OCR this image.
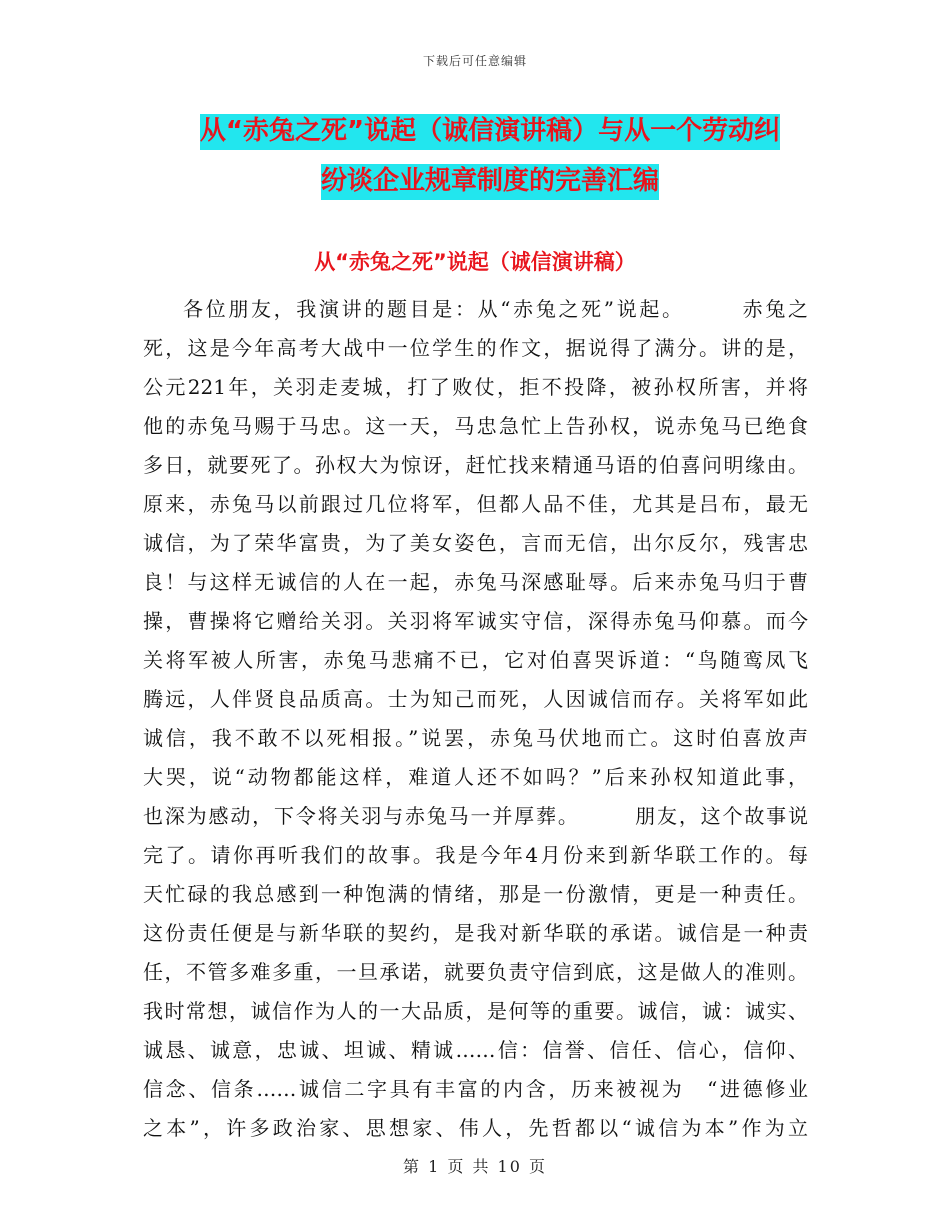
下载后可任意编辑
从“赤兔之死”说起（诚信演讲稿）与从一个劳动纠
纷谈企业规章制度的完善汇编
从“赤兔之死”说起（诚信演讲稿）
各位朋友，我演讲的题目是：从“赤兔之死”说起。　　　赤兔之
死，这是今年高考大战中一位学生的作文，据说得了满分。讲的是，
公元221年，关羽走麦城，打了败仗，拒不投降，被孙权所害，并将
他的赤兔马赐于马忠。这一天，马忠急忙上告孙权，说赤兔马已绝食
多日，就要死了。孙权大为惊讶，赶忙找来精通马语的伯喜问明缘由。
原来，赤兔马以前跟过几位将军，但都人品不佳，尤其是吕布，最无
诚信，为了荣华富贵，为了美女姿色，言而无信，出尔反尔，残害忠
良！与这样无诚信的人在一起，赤兔马深感耻辱。后来赤兔马归于曹
操，曹操将它赠给关羽。关羽将军诚实守信，深得赤兔马仰慕。而今
关将军被人所害，赤兔马悲痛不已，它对伯喜哭诉道：“鸟随鸾凤飞
腾远，人伴贤良品质高。士为知己而死，人因诚信而存。关将军如此
诚信，我不敢不以死相报。”说罢，赤兔马伏地而亡。这时伯喜放声
大哭，说“动物都能这样，难道人还不如吗？”后来孙权知道此事，
也深为感动，下令将关羽与赤兔马一并厚葬。　　　朋友，这个故事说
完了。请你再听我们的故事。我是今年4月份来到新华联工作的。每
天忙碌的我总感到一种饱满的情绪，那是一份激情，更是一种责任。
这份责任便是与新华联的契约，是我对新华联的承诺。诚信是一种责
任，不管多难多重，一旦承诺，就要负责守信到底，这是做人的准则。
我时常想，诚信作为人的一大品质，是何等的重要。诚信，诚：诚实、
诚恳、诚意，忠诚、坦诚、精诚……信：信誉、信任、信心，信仰、
信念、信条……诚信二字具有丰富的内含，历来被视为　“进德修业
之本”，许多政治家、思想家、伟人，先哲都以“诚信为本”作为立
第 1 页 共 10 页
